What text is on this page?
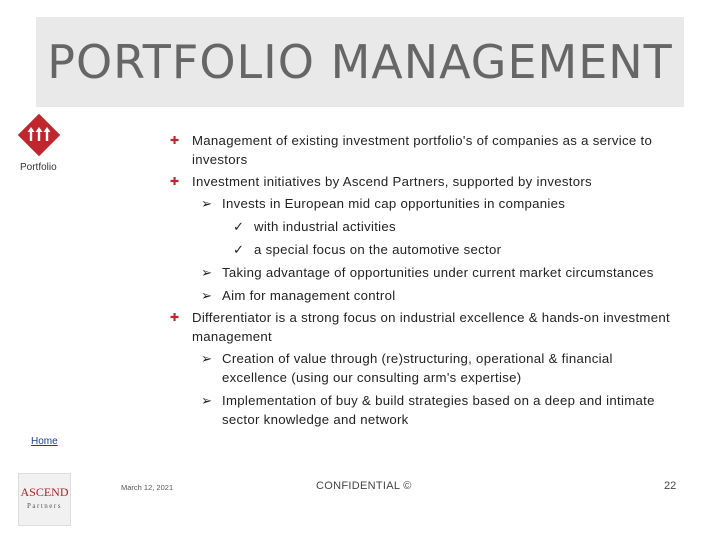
PORTFOLIO MANAGEMENT
Portfolio
Home
✚ Management of existing investment portfolio's of companies as a service to investors
✚ Investment initiatives by Ascend Partners, supported by investors
➢ Invests in European mid cap opportunities in companies
✓ with industrial activities
✓ a special focus on the automotive sector
➢ Taking advantage of opportunities under current market circumstances
➢ Aim for management control
✚ Differentiator is a strong focus on industrial excellence & hands-on investment management
➢ Creation of value through (re)structuring, operational & financial excellence (using our consulting arm's expertise)
➢ Implementation of buy & build strategies based on a deep and intimate sector knowledge and network
ASCEND
Partners
March 12, 2021	CONFIDENTIAL ©	22
